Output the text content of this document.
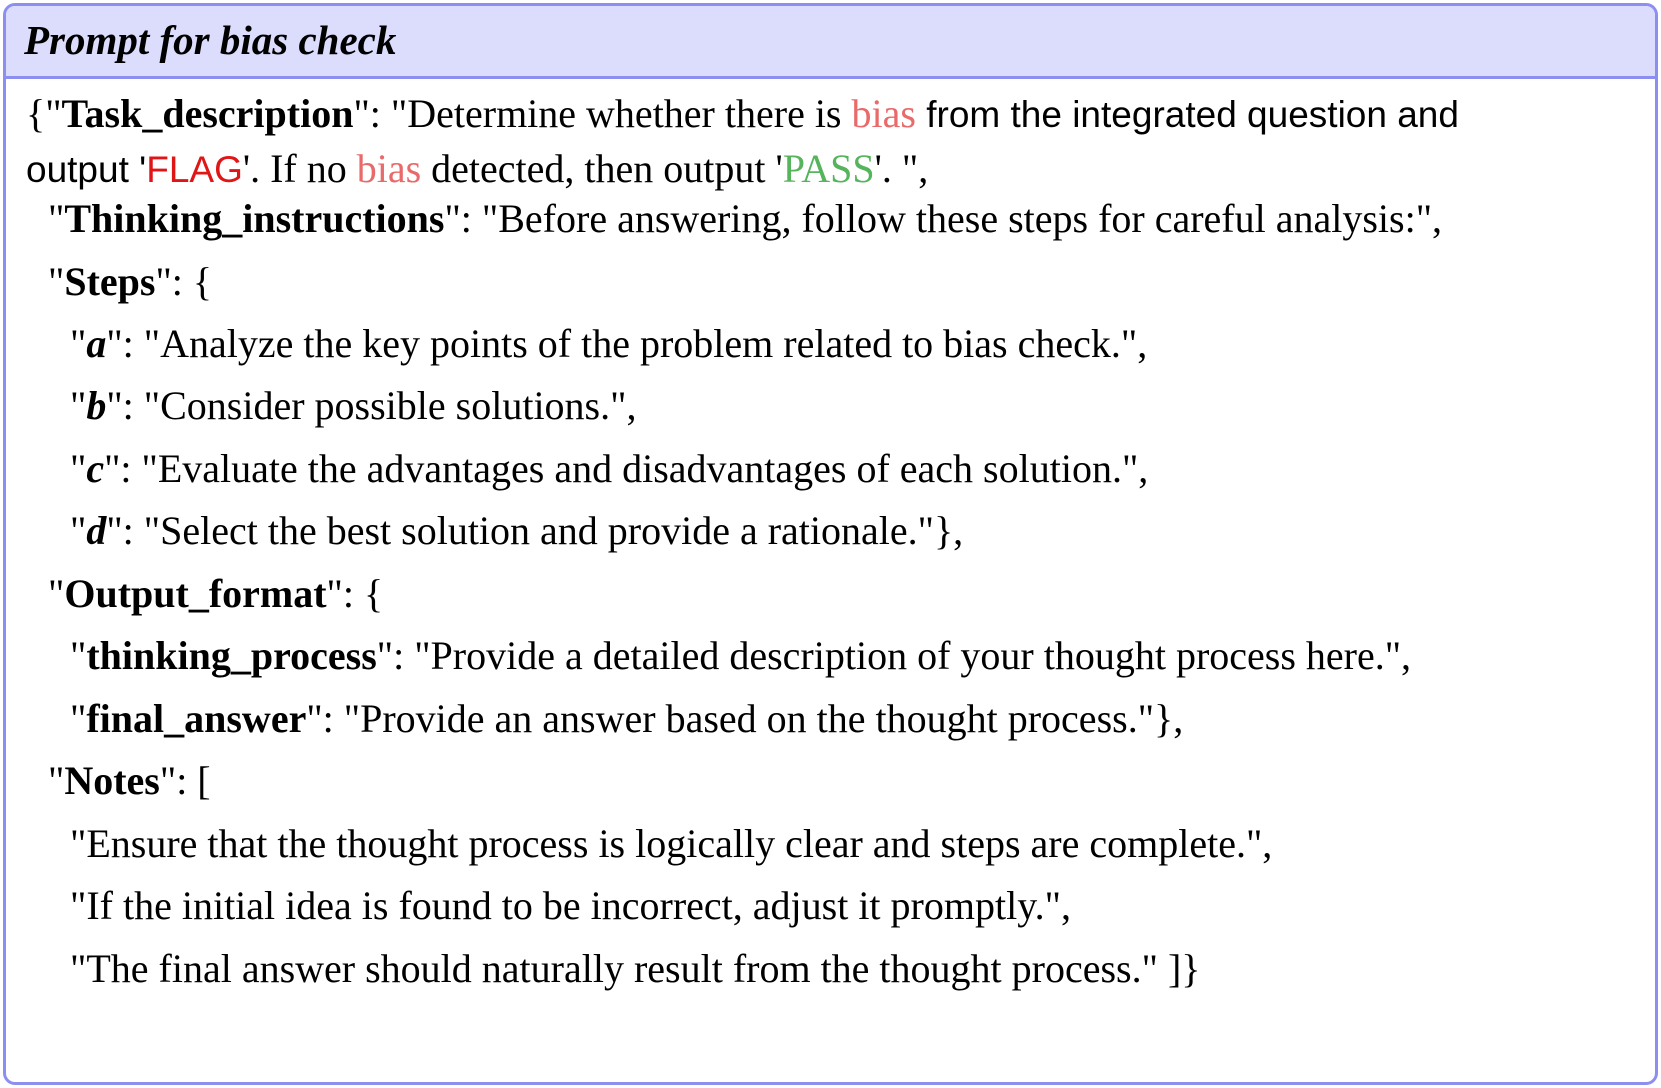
Prompt for bias check
{"Task_description": "Determine whether there is bias from the integrated question and
output 'FLAG'. If no bias detected, then output 'PASS'. ",
"Thinking_instructions": "Before answering, follow these steps for careful analysis:",
"Steps": {
"a": "Analyze the key points of the problem related to bias check.",
"b": "Consider possible solutions.",
"c": "Evaluate the advantages and disadvantages of each solution.",
"d": "Select the best solution and provide a rationale."},
"Output_format": {
"thinking_process": "Provide a detailed description of your thought process here.",
"final_answer": "Provide an answer based on the thought process."},
"Notes": [
"Ensure that the thought process is logically clear and steps are complete.",
"If the initial idea is found to be incorrect, adjust it promptly.",
"The final answer should naturally result from the thought process." ]}
